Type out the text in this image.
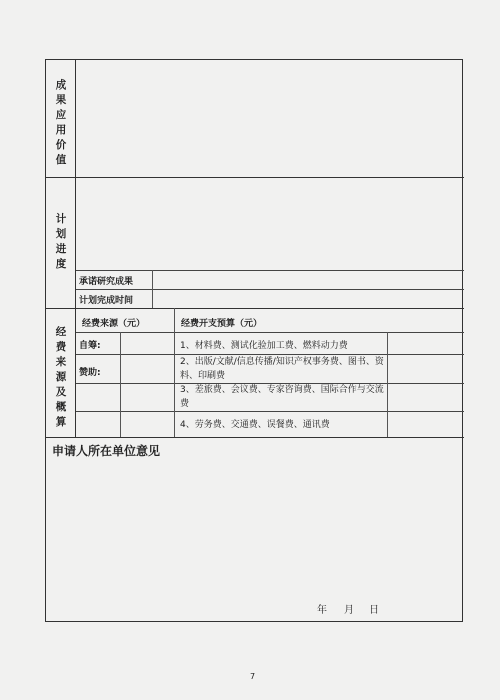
成果应用价值
计划进度
经费来源及概算
承诺研究成果
计划完成时间
经费来源（元）	经费开支预算（元）
自筹:
赞助:
1、材料费、测试化验加工费、燃料动力费
2、出版/文献/信息传播/知识产权事务费、图书、资料、印刷费
3、差旅费、会议费、专家咨询费、国际合作与交流费
4、劳务费、交通费、误餐费、通讯费
申请人所在单位意见
年 月 日
7
